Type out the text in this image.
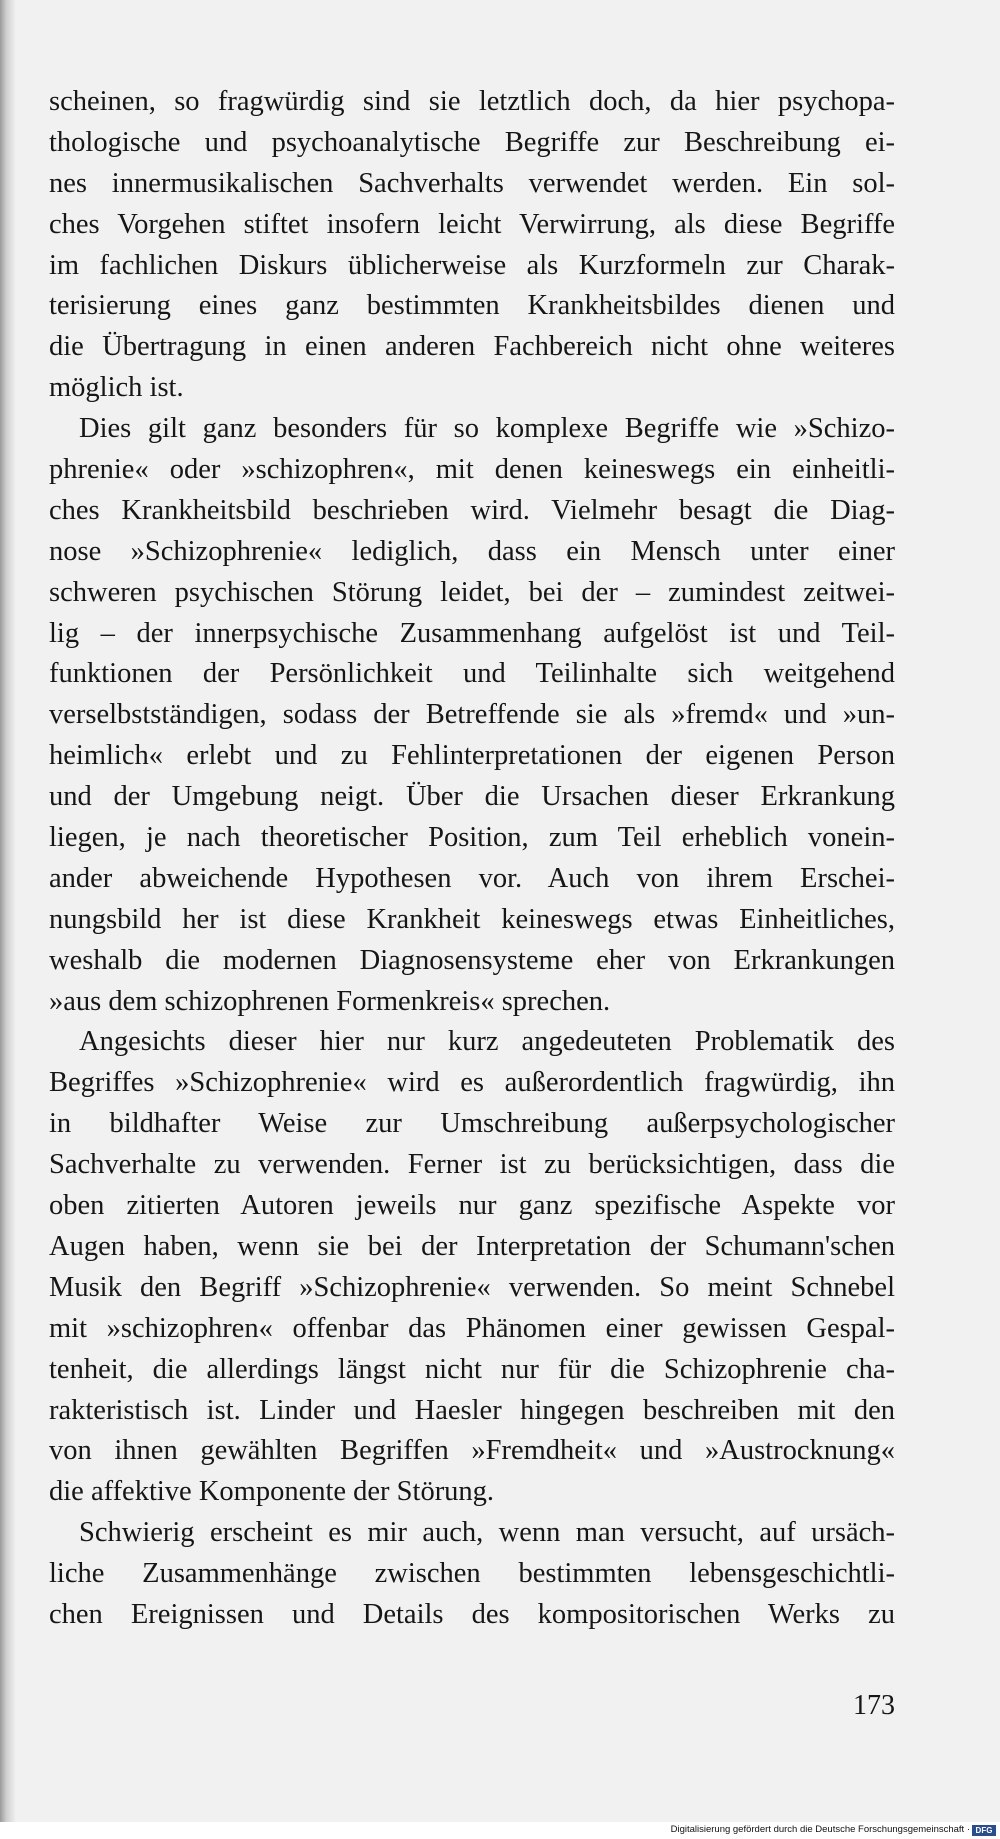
scheinen, so fragwürdig sind sie letztlich doch, da hier psychopa-
thologische und psychoanalytische Begriffe zur Beschreibung ei-
nes innermusikalischen Sachverhalts verwendet werden. Ein sol-
ches Vorgehen stiftet insofern leicht Verwirrung, als diese Begriffe
im fachlichen Diskurs üblicherweise als Kurzformeln zur Charak-
terisierung eines ganz bestimmten Krankheitsbildes dienen und
die Übertragung in einen anderen Fachbereich nicht ohne weiteres
möglich ist.
Dies gilt ganz besonders für so komplexe Begriffe wie »Schizo-
phrenie« oder »schizophren«, mit denen keineswegs ein einheitli-
ches Krankheitsbild beschrieben wird. Vielmehr besagt die Diag-
nose »Schizophrenie« lediglich, dass ein Mensch unter einer
schweren psychischen Störung leidet, bei der – zumindest zeitwei-
lig – der innerpsychische Zusammenhang aufgelöst ist und Teil-
funktionen der Persönlichkeit und Teilinhalte sich weitgehend
verselbstständigen, sodass der Betreffende sie als »fremd« und »un-
heimlich« erlebt und zu Fehlinterpretationen der eigenen Person
und der Umgebung neigt. Über die Ursachen dieser Erkrankung
liegen, je nach theoretischer Position, zum Teil erheblich vonein-
ander abweichende Hypothesen vor. Auch von ihrem Erschei-
nungsbild her ist diese Krankheit keineswegs etwas Einheitliches,
weshalb die modernen Diagnosensysteme eher von Erkrankungen
»aus dem schizophrenen Formenkreis« sprechen.
Angesichts dieser hier nur kurz angedeuteten Problematik des
Begriffes »Schizophrenie« wird es außerordentlich fragwürdig, ihn
in bildhafter Weise zur Umschreibung außerpsychologischer
Sachverhalte zu verwenden. Ferner ist zu berücksichtigen, dass die
oben zitierten Autoren jeweils nur ganz spezifische Aspekte vor
Augen haben, wenn sie bei der Interpretation der Schumann'schen
Musik den Begriff »Schizophrenie« verwenden. So meint Schnebel
mit »schizophren« offenbar das Phänomen einer gewissen Gespal-
tenheit, die allerdings längst nicht nur für die Schizophrenie cha-
rakteristisch ist. Linder und Haesler hingegen beschreiben mit den
von ihnen gewählten Begriffen »Fremdheit« und »Austrocknung«
die affektive Komponente der Störung.
Schwierig erscheint es mir auch, wenn man versucht, auf ursäch-
liche Zusammenhänge zwischen bestimmten lebensgeschichtli-
chen Ereignissen und Details des kompositorischen Werks zu
173
Digitalisierung gefördert durch die Deutsche Forschungsgemeinschaft · DFG
